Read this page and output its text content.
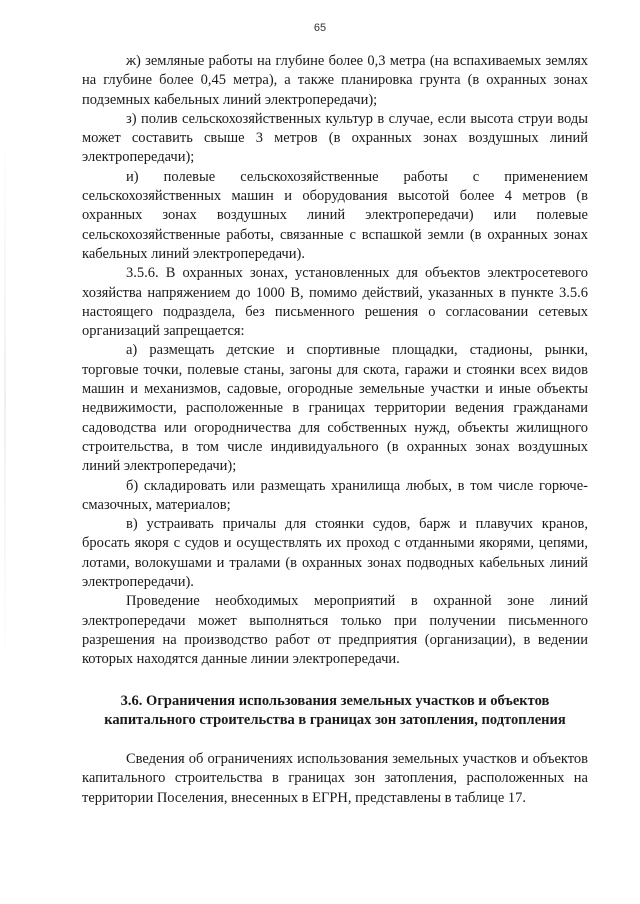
65

ж) земляные работы на глубине более 0,3 метра (на вспахиваемых землях на глубине более 0,45 метра), а также планировка грунта (в охранных зонах подземных кабельных линий электропередачи);

з) полив сельскохозяйственных культур в случае, если высота струи воды может составить свыше 3 метров (в охранных зонах воздушных линий электропередачи);

и) полевые сельскохозяйственные работы с применением сельскохозяйственных машин и оборудования высотой более 4 метров (в охранных зонах воздушных линий электропередачи) или полевые сельскохозяйственные работы, связанные с вспашкой земли (в охранных зонах кабельных линий электропередачи).

3.5.6. В охранных зонах, установленных для объектов электросетевого хозяйства напряжением до 1000 В, помимо действий, указанных в пункте 3.5.6 настоящего подраздела, без письменного решения о согласовании сетевых организаций запрещается:

а) размещать детские и спортивные площадки, стадионы, рынки, торговые точки, полевые станы, загоны для скота, гаражи и стоянки всех видов машин и механизмов, садовые, огородные земельные участки и иные объекты недвижимости, расположенные в границах территории ведения гражданами садоводства или огородничества для собственных нужд, объекты жилищного строительства, в том числе индивидуального (в охранных зонах воздушных линий электропередачи);

б) складировать или размещать хранилища любых, в том числе горюче-смазочных, материалов;

в) устраивать причалы для стоянки судов, барж и плавучих кранов, бросать якоря с судов и осуществлять их проход с отданными якорями, цепями, лотами, волокушами и тралами (в охранных зонах подводных кабельных линий электропередачи).

Проведение необходимых мероприятий в охранной зоне линий электропередачи может выполняться только при получении письменного разрешения на производство работ от предприятия (организации), в ведении которых находятся данные линии электропередачи.

3.6. Ограничения использования земельных участков и объектов
капитального строительства в границах зон затопления, подтопления

Сведения об ограничениях использования земельных участков и объектов капитального строительства в границах зон затопления, расположенных на территории Поселения, внесенных в ЕГРН, представлены в таблице 17.
